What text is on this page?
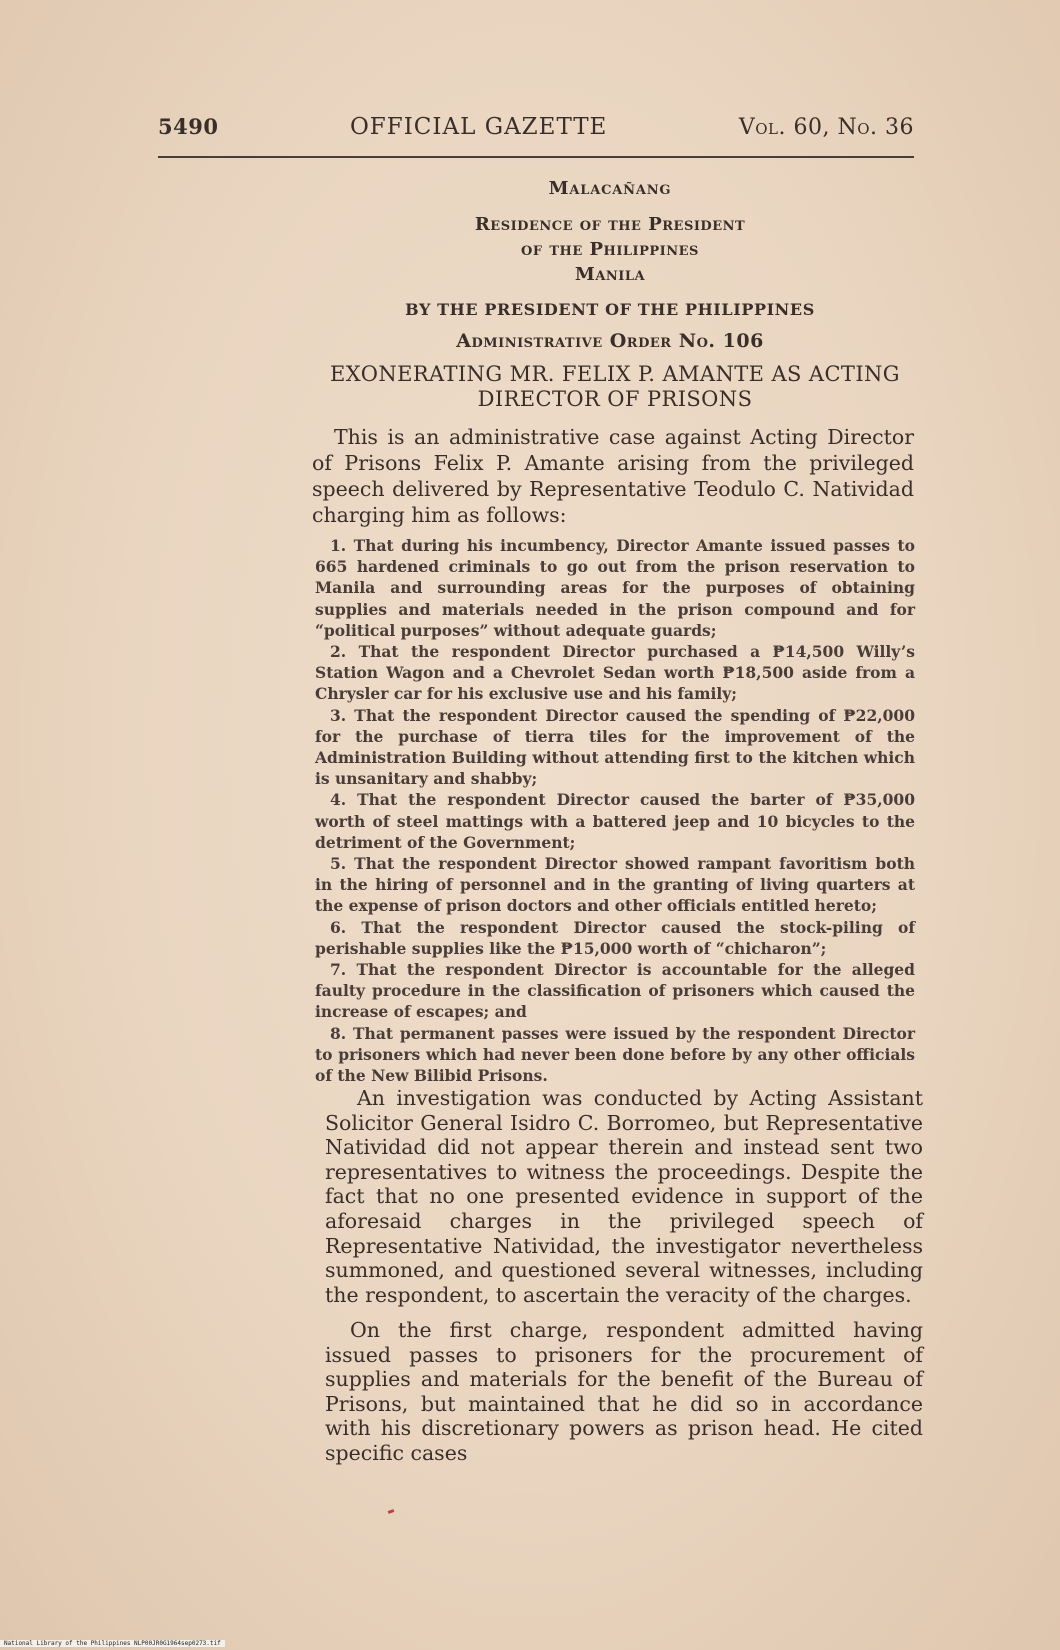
5490	OFFICIAL GAZETTE	Vol. 60, No. 36
Malacañang
Residence of the President
of the Philippines
Manila
BY THE PRESIDENT OF THE PHILIPPINES
Administrative Order No. 106
EXONERATING MR. FELIX P. AMANTE AS ACTING DIRECTOR OF PRISONS

This is an administrative case against Acting Director of Prisons Felix P. Amante arising from the privileged speech delivered by Representative Teodulo C. Natividad charging him as follows:

1. That during his incumbency, Director Amante issued passes to 665 hardened criminals to go out from the prison reservation to Manila and surrounding areas for the purposes of obtaining supplies and materials needed in the prison compound and for “political purposes” without adequate guards;

2. That the respondent Director purchased a ₱14,500 Willy’s Station Wagon and a Chevrolet Sedan worth ₱18,500 aside from a Chrysler car for his exclusive use and his family;

3. That the respondent Director caused the spending of ₱22,000 for the purchase of tierra tiles for the improvement of the Administration Building without attending first to the kitchen which is unsanitary and shabby;

4. That the respondent Director caused the barter of ₱35,000 worth of steel mattings with a battered jeep and 10 bicycles to the detriment of the Government;

5. That the respondent Director showed rampant favoritism both in the hiring of personnel and in the granting of living quarters at the expense of prison doctors and other officials entitled hereto;

6. That the respondent Director caused the stock-piling of perishable supplies like the ₱15,000 worth of “chicharon”;

7. That the respondent Director is accountable for the alleged faulty procedure in the classification of prisoners which caused the increase of escapes; and

8. That permanent passes were issued by the respondent Director to prisoners which had never been done before by any other officials of the New Bilibid Prisons.

An investigation was conducted by Acting Assistant Solicitor General Isidro C. Borromeo, but Representative Natividad did not appear therein and instead sent two representatives to witness the proceedings. Despite the fact that no one presented evidence in support of the aforesaid charges in the privileged speech of Representative Natividad, the investigator nevertheless summoned, and questioned several witnesses, including the respondent, to ascertain the veracity of the charges.

On the first charge, respondent admitted having issued passes to prisoners for the procurement of supplies and materials for the benefit of the Bureau of Prisons, but maintained that he did so in accordance with his discretionary powers as prison head. He cited specific cases

National Library of the Philippines NLP00JR0G1964sep0273.tif
